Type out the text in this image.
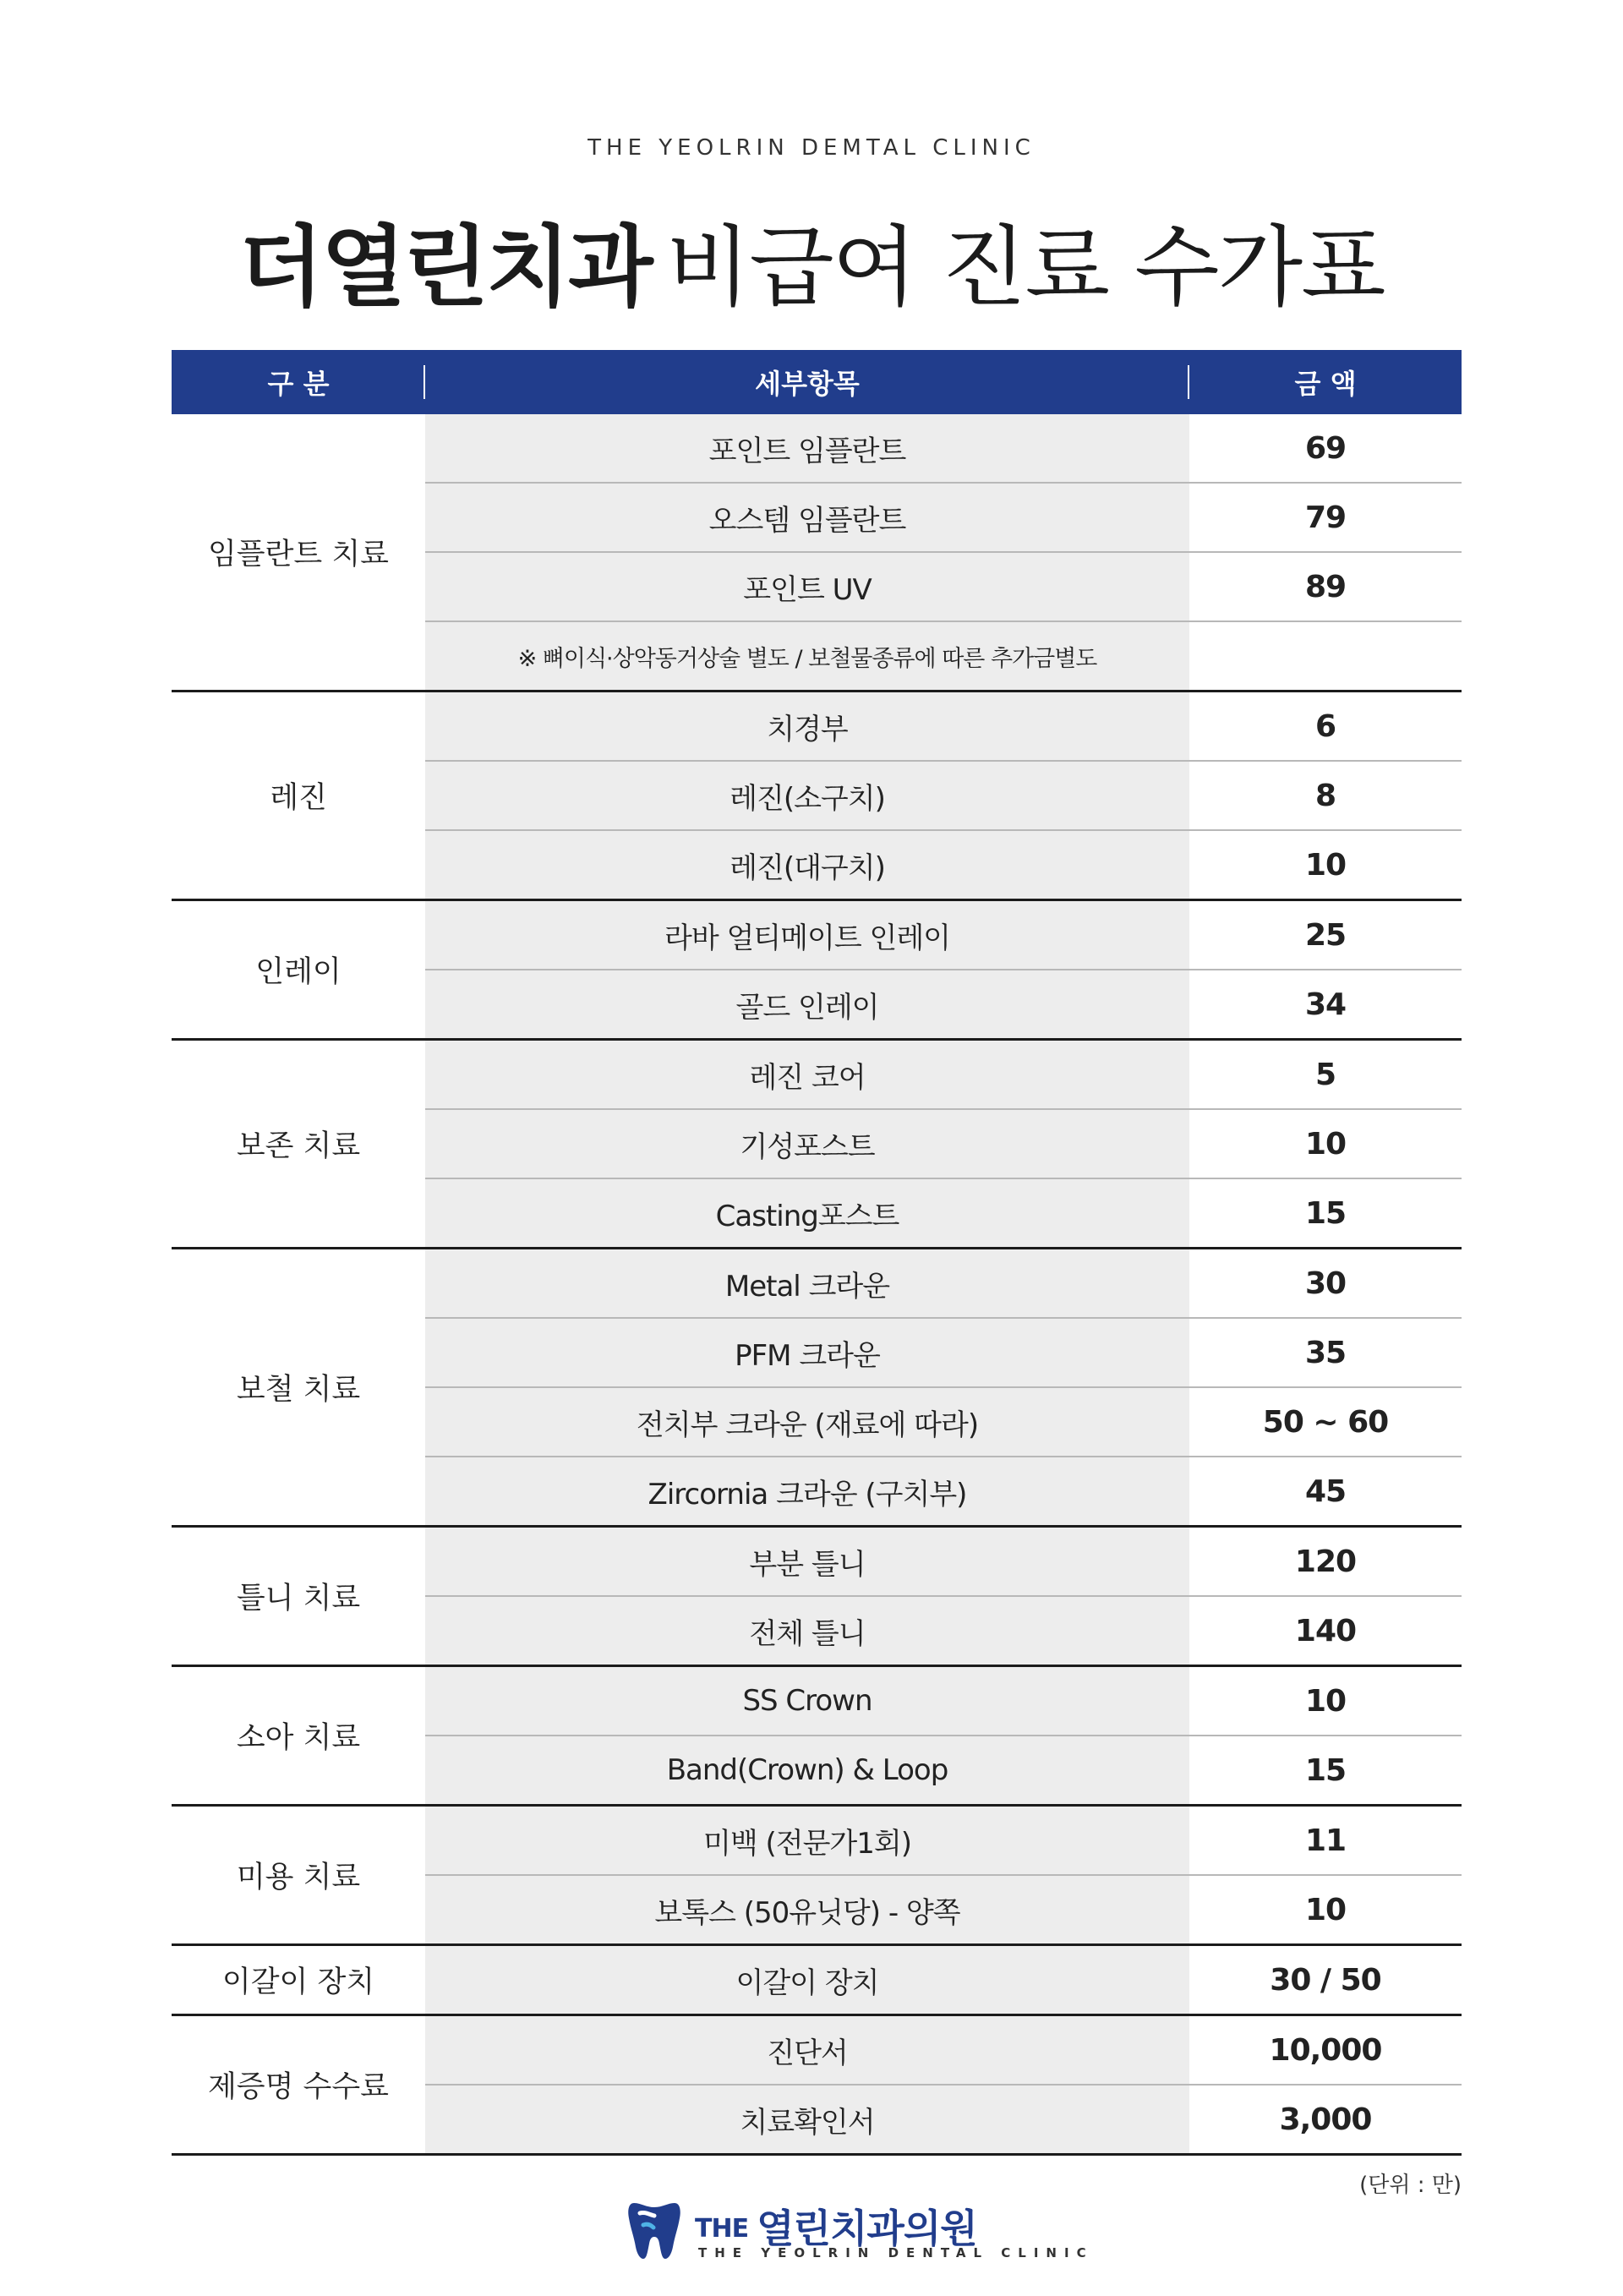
THE YEOLRIN DEMTAL CLINIC
더열린치과 비급여 진료 수가표
구 분	세부항목	금 액
임플란트 치료	포인트 임플란트	69
	오스템 임플란트	79
	포인트 UV	89
	※ 뼈이식·상악동거상술 별도 / 보철물종류에 따른 추가금별도	
레진	치경부	6
	레진(소구치)	8
	레진(대구치)	10
인레이	라바 얼티메이트 인레이	25
	골드 인레이	34
보존 치료	레진 코어	5
	기성포스트	10
	Casting포스트	15
보철 치료	Metal 크라운	30
	PFM 크라운	35
	전치부 크라운 (재료에 따라)	50 ~ 60
	Zircornia 크라운 (구치부)	45
틀니 치료	부분 틀니	120
	전체 틀니	140
소아 치료	SS Crown	10
	Band(Crown) & Loop	15
미용 치료	미백 (전문가1회)	11
	보톡스 (50유닛당) - 양쪽	10
이갈이 장치	이갈이 장치	30 / 50
제증명 수수료	진단서	10,000
	치료확인서	3,000
(단위 : 만)
THE 열린치과의원
THE YEOLRIN DENTAL CLINIC
